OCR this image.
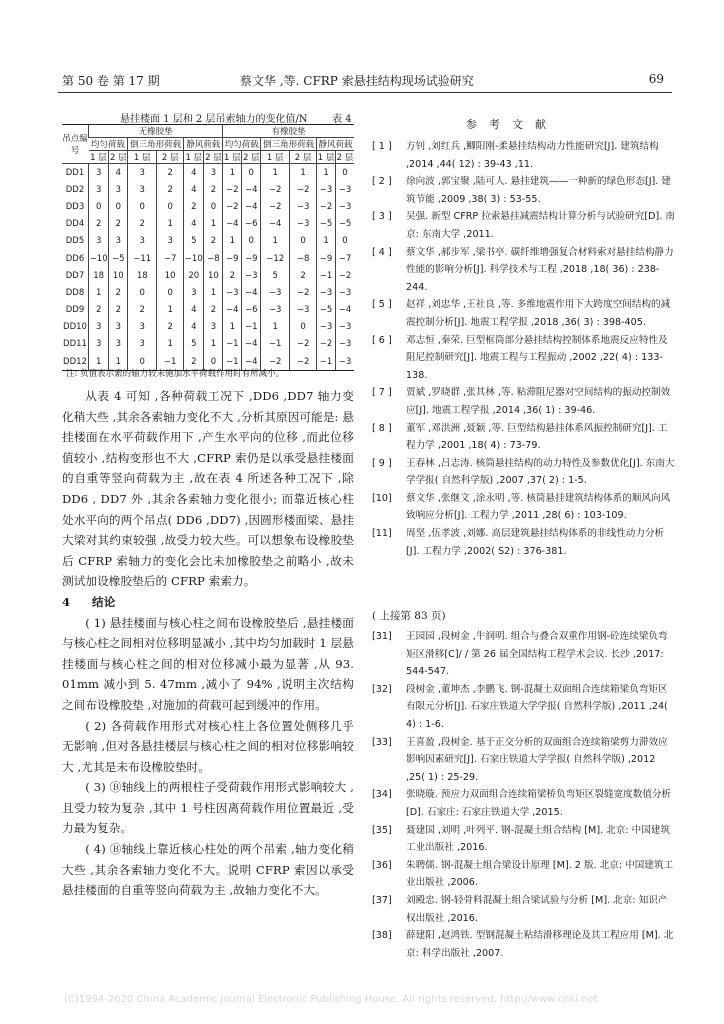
第 50 卷 第 17 期	蔡文华 ,等. CFRP 索悬挂结构现场试验研究	69
悬挂楼面 1 层和 2 层吊索轴力的变化值/N 表 4
吊点编号	无橡胶垫						有橡胶垫					
	均匀荷载		倒三角形荷载		静风荷载		均匀荷载		倒三角形荷载		静风荷载	
	1 层	2 层	1 层	2 层	1 层	2 层	1 层	2 层	1 层	2 层	1 层	2 层
DD1	3	4	3	2	4	3	1	0	1	1	1	0
DD2	3	3	3	2	4	2	−2	−4	−2	−2	−3	−3
DD3	0	0	0	0	2	0	−2	−4	−2	−3	−2	−3
DD4	2	2	2	1	4	1	−4	−6	−4	−3	−5	−5
DD5	3	3	3	3	5	2	1	0	1	0	1	0
DD6	−10	−5	−11	−7	−10	−8	−9	−9	−12	−8	−9	−7
DD7	18	10	18	10	20	10	2	−3	5	2	−1	−2
DD8	1	2	0	0	3	1	−3	−4	−3	−2	−3	−3
DD9	2	2	2	1	4	2	−4	−6	−3	−3	−5	−4
DD10	3	3	3	2	4	3	1	−1	1	0	−3	−3
DD11	3	3	3	1	5	1	−1	−4	−1	−2	−2	−3
DD12	1	1	0	−1	2	0	−1	−4	−2	−2	−1	−3
注: 负值表示索的轴力较未施加水平荷载作用时有所减小。

从表 4 可知 ,各种荷载工况下 ,DD6 ,DD7 轴力变化稍大些 ,其余各索轴力变化不大 ,分析其原因可能是: 悬挂楼面在水平荷载作用下 ,产生水平向的位移 ,而此位移值较小 ,结构变形也不大 ,CFRP 索仍是以承受悬挂楼面的自重等竖向荷载为主 ,故在表 4 所述各种工况下 ,除 DD6 , DD7 外 ,其余各索轴力变化很小; 而靠近核心柱处水平向的两个吊点( DD6 ,DD7) ,因圆形楼面梁、悬挂大梁对其约束较强 ,故受力较大些。可以想象布设橡胶垫后 CFRP 索轴力的变化会比未加橡胶垫之前略小 ,故未测试加设橡胶垫后的 CFRP 索索力。

4 结论

( 1) 悬挂楼面与核心柱之间布设橡胶垫后 ,悬挂楼面与核心柱之间相对位移明显减小 ,其中均匀加载时 1 层悬挂楼面与核心柱之间的相对位移减小最为显著 ,从 93. 01mm 减小到 5. 47mm ,减小了 94% ,说明主次结构之间布设橡胶垫 ,对施加的荷载可起到缓冲的作用。

( 2) 各荷载作用形式对核心柱上各位置处侧移几乎无影响 ,但对各悬挂楼层与核心柱之间的相对位移影响较大 ,尤其是未布设橡胶垫时。

( 3) Ⓑ轴线上的两根柱子受荷载作用形式影响较大 ,且受力较为复杂 ,其中 1 号柱因离荷载作用位置最近 ,受力最为复杂。

( 4) Ⓑ轴线上靠近核心柱处的两个吊索 ,轴力变化稍大些 ,其余各索轴力变化不大。说明 CFRP 索因以承受悬挂楼面的自重等竖向荷载为主 ,故轴力变化不大。

参考文献
[ 1 ] 方钊 ,刘红兵 ,鲫阳刚-柔悬挂结构动力性能研究[J]. 建筑结构 ,2014 ,44( 12) : 39-43 ,11.
[ 2 ] 徐向波 ,郭宝聚 ,陆可人. 悬挂建筑——一种新的绿色形态[J]. 建筑节能 ,2009 ,38( 3) : 53-55.
[ 3 ] 吴强. 新型 CFRP 拉索悬挂减震结构计算分析与试验研究[D]. 南京: 东南大学 ,2011.
[ 4 ] 蔡文华 ,郝步军 ,梁书亭. 碳纤维增强复合材料索对悬挂结构静力性能的影响分析[J]. 科学技术与工程 ,2018 ,18( 36) : 238-244.
[ 5 ] 赵祥 ,刘忠华 ,王社良 ,等. 多维地震作用下大跨度空间结构的减震控制分析[J]. 地震工程学报 ,2018 ,36( 3) : 398-405.
[ 6 ] 邓志恒 ,秦荣. 巨型框筒部分悬挂结构控制体系地震反应特性及阻尼控制研究[J]. 地震工程与工程振动 ,2002 ,22( 4) : 133-138.
[ 7 ] 贾斌 ,罗晓群 ,张其林 ,等. 粘滞阻尼器对空间结构的振动控制效应[J]. 地震工程学报 ,2014 ,36( 1) : 39-46.
[ 8 ] 董军 ,邓洪洲 ,聂颖 ,等. 巨型结构悬挂体系风振控制研究[J]. 工程力学 ,2001 ,18( 4) : 73-79.
[ 9 ] 王春林 ,吕志涛. 核筒悬挂结构的动力特性及参数优化[J]. 东南大学学报( 自然科学版) ,2007 ,37( 2) : 1-5.
[10] 蔡文华 ,张继文 ,涂永明 ,等. 核筒悬挂建筑结构体系的顺风向风致响应分析[J]. 工程力学 ,2011 ,28( 6) : 103-109.
[11] 周坚 ,伍孝波 ,刘娜. 高层建筑悬挂结构体系的非线性动力分析[J]. 工程力学 ,2002( S2) : 376-381.
( 上接第 83 页)
[31] 王园园 ,段树金 ,牛润明. 组合与叠合双重作用钢-砼连续梁负弯矩区滑移[C]/ / 第 26 届全国结构工程学术会议. 长沙 ,2017: 544-547.
[32] 段树金 ,董坤杰 ,李鹏飞. 钢-混凝土双面组合连续箱梁负弯矩区有限元分析[J]. 石家庄铁道大学学报( 自然科学版) ,2011 ,24( 4) : 1-6.
[33] 王喜盈 ,段树金. 基于正交分析的双面组合连续箱梁剪力滞效应影响因素研究[J]. 石家庄铁道大学学报( 自然科学版) ,2012 ,25( 1) : 25-29.
[34] 张晓璇. 预应力双面组合连续箱梁桥负弯矩区裂缝宽度数值分析 [D]. 石家庄: 石家庄铁道大学 ,2015.
[35] 聂建国 ,刘明 ,叶列平. 钢-混凝土组合结构 [M]. 北京: 中国建筑工业出版社 ,2016.
[36] 朱聘儒. 钢-混凝土组合梁设计原理 [M]. 2 版. 北京: 中国建筑工业出版社 ,2006.
[37] 刘殿忠. 钢-轻骨料混凝土组合梁试验与分析 [M]. 北京: 知识产权出版社 ,2016.
[38] 薛建阳 ,赵鸿铁. 型钢混凝土粘结滑移理论及其工程应用 [M]. 北京: 科学出版社 ,2007.
(C)1994-2020 China Academic Journal Electronic Publishing House. All rights reserved. http://www.cnki.net
